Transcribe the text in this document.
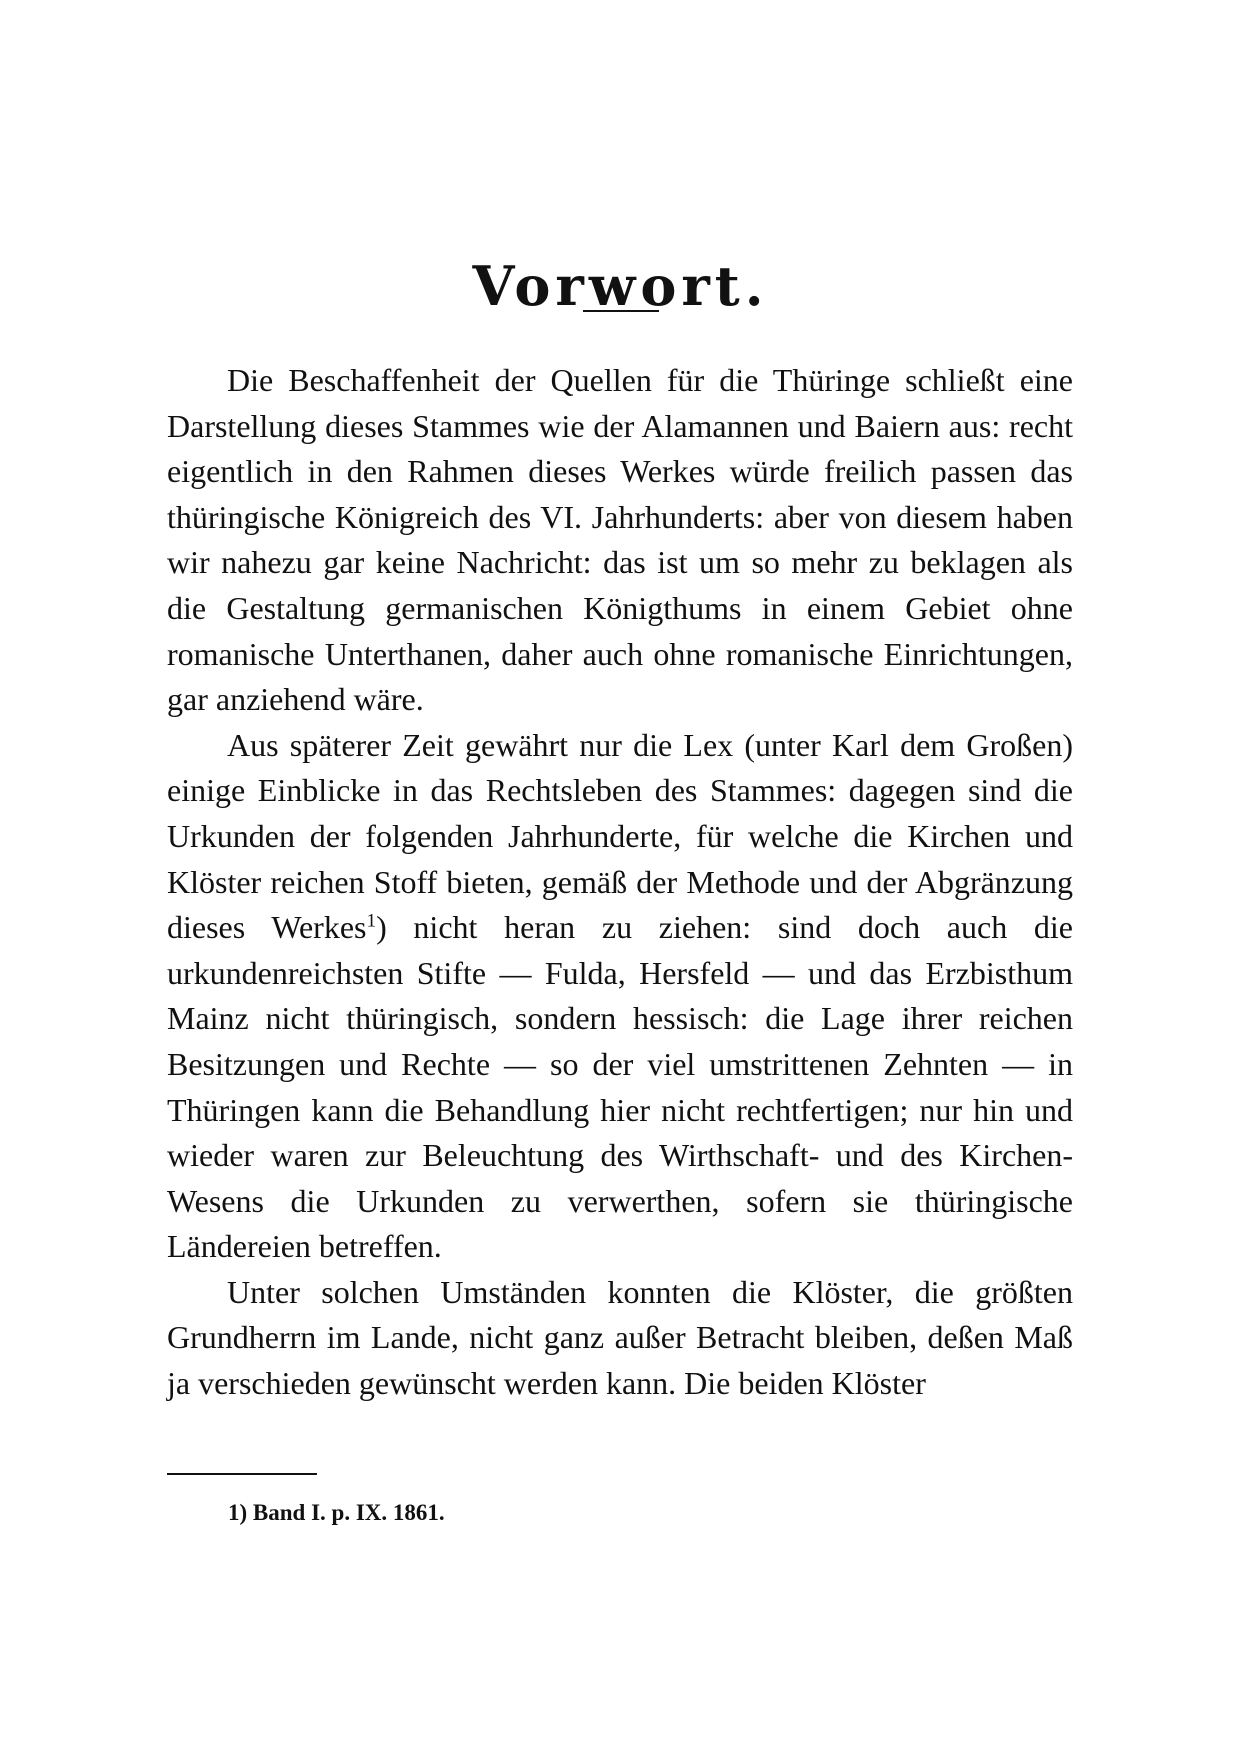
Vorwort.

Die Beschaffenheit der Quellen für die Thüringe schließt eine Darstellung dieses Stammes wie der Alamannen und Baiern aus: recht eigentlich in den Rahmen dieses Werkes würde freilich passen das thüringische Königreich des VI. Jahrhunderts: aber von diesem haben wir nahezu gar keine Nachricht: das ist um so mehr zu beklagen als die Gestaltung germanischen Königthums in einem Gebiet ohne romanische Unterthanen, daher auch ohne romanische Einrichtungen, gar anziehend wäre.

Aus späterer Zeit gewährt nur die Lex (unter Karl dem Großen) einige Einblicke in das Rechtsleben des Stammes: dagegen sind die Urkunden der folgenden Jahrhunderte, für welche die Kirchen und Klöster reichen Stoff bieten, gemäß der Methode und der Abgränzung dieses Werkes$^1$) nicht heran zu ziehen: sind doch auch die urkundenreichsten Stifte — Fulda, Hersfeld — und das Erzbisthum Mainz nicht thüringisch, sondern hessisch: die Lage ihrer reichen Besitzungen und Rechte — so der viel umstrittenen Zehnten — in Thüringen kann die Behandlung hier nicht rechtfertigen; nur hin und wieder waren zur Beleuchtung des Wirthschaft- und des Kirchen-Wesens die Urkunden zu verwerthen, sofern sie thüringische Ländereien betreffen.

Unter solchen Umständen konnten die Klöster, die größten Grundherrn im Lande, nicht ganz außer Betracht bleiben, deßen Maß ja verschieden gewünscht werden kann. Die beiden Klöster

1) Band I. p. IX. 1861.
